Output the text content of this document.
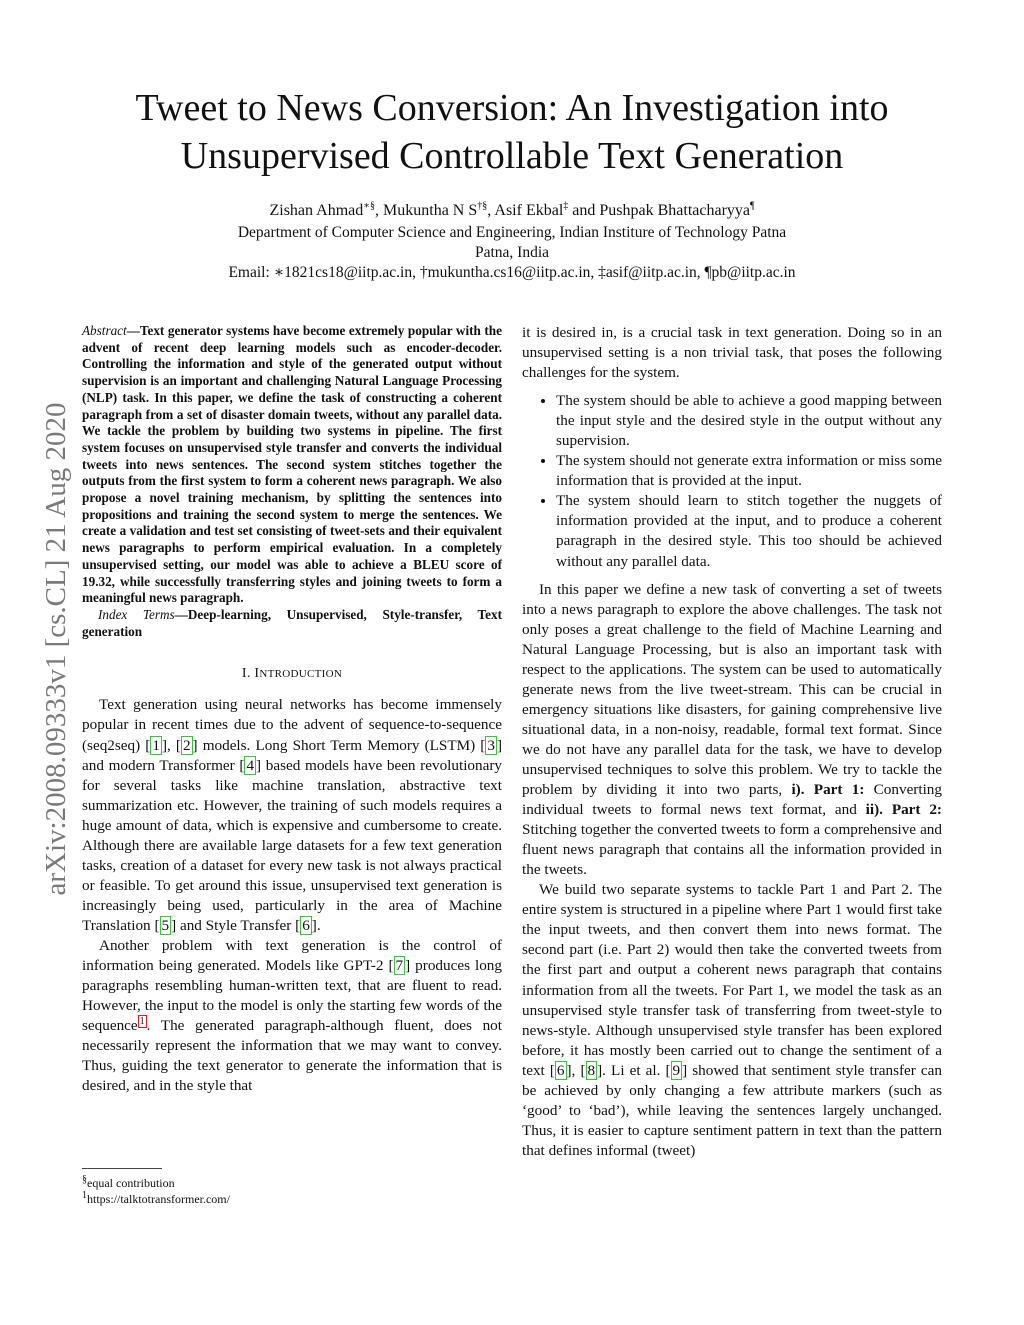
Tweet to News Conversion: An Investigation into
Unsupervised Controllable Text Generation
Zishan Ahmad∗§, Mukuntha N S†§, Asif Ekbal‡ and Pushpak Bhattacharyya¶
Department of Computer Science and Engineering, Indian Institure of Technology Patna
Patna, India
Email: ∗1821cs18@iitp.ac.in, †mukuntha.cs16@iitp.ac.in, ‡asif@iitp.ac.in, ¶pb@iitp.ac.in
arXiv:2008.09333v1 [cs.CL] 21 Aug 2020

Abstract—Text generator systems have become extremely popular with the advent of recent deep learning models such as encoder-decoder. Controlling the information and style of the generated output without supervision is an important and challenging Natural Language Processing (NLP) task. In this paper, we define the task of constructing a coherent paragraph from a set of disaster domain tweets, without any parallel data. We tackle the problem by building two systems in pipeline. The first system focuses on unsupervised style transfer and converts the individual tweets into news sentences. The second system stitches together the outputs from the first system to form a coherent news paragraph. We also propose a novel training mechanism, by splitting the sentences into propositions and training the second system to merge the sentences. We create a validation and test set consisting of tweet-sets and their equivalent news paragraphs to perform empirical evaluation. In a completely unsupervised setting, our model was able to achieve a BLEU score of 19.32, while successfully transferring styles and joining tweets to form a meaningful news paragraph.

Index Terms—Deep-learning, Unsupervised, Style-transfer, Text generation

I. INTRODUCTION

Text generation using neural networks has become immensely popular in recent times due to the advent of sequence-to-sequence (seq2seq) [ 1 ], [ 2 ] models. Long Short Term Memory (LSTM) [ 3 ] and modern Transformer [ 4 ] based models have been revolutionary for several tasks like machine translation, abstractive text summarization etc. However, the training of such models requires a huge amount of data, which is expensive and cumbersome to create. Although there are available large datasets for a few text generation tasks, creation of a dataset for every new task is not always practical or feasible. To get around this issue, unsupervised text generation is increasingly being used, particularly in the area of Machine Translation [ 5 ] and Style Transfer [ 6 ].

Another problem with text generation is the control of information being generated. Models like GPT-2 [ 7 ] produces long paragraphs resembling human-written text, that are fluent to read. However, the input to the model is only the starting few words of the sequence $^1$ . The generated paragraph-although fluent, does not necessarily represent the information that we may want to convey. Thus, guiding the text generator to generate the information that is desired, and in the style that

§equal contribution
$^1$https://talktotransformer.com/

it is desired in, is a crucial task in text generation. Doing so in an unsupervised setting is a non trivial task, that poses the following challenges for the system.

• The system should be able to achieve a good mapping between the input style and the desired style in the output without any supervision.
• The system should not generate extra information or miss some information that is provided at the input.
• The system should learn to stitch together the nuggets of information provided at the input, and to produce a coherent paragraph in the desired style. This too should be achieved without any parallel data.

In this paper we define a new task of converting a set of tweets into a news paragraph to explore the above challenges. The task not only poses a great challenge to the field of Machine Learning and Natural Language Processing, but is also an important task with respect to the applications. The system can be used to automatically generate news from the live tweet-stream. This can be crucial in emergency situations like disasters, for gaining comprehensive live situational data, in a non-noisy, readable, formal text format. Since we do not have any parallel data for the task, we have to develop unsupervised techniques to solve this problem. We try to tackle the problem by dividing it into two parts, i). Part 1: Converting individual tweets to formal news text format, and ii). Part 2: Stitching together the converted tweets to form a comprehensive and fluent news paragraph that contains all the information provided in the tweets.

We build two separate systems to tackle Part 1 and Part 2. The entire system is structured in a pipeline where Part 1 would first take the input tweets, and then convert them into news format. The second part (i.e. Part 2) would then take the converted tweets from the first part and output a coherent news paragraph that contains information from all the tweets. For Part 1, we model the task as an unsupervised style transfer task of transferring from tweet-style to news-style. Although unsupervised style transfer has been explored before, it has mostly been carried out to change the sentiment of a text [ 6 ], [ 8 ]. Li et al. [ 9 ] showed that sentiment style transfer can be achieved by only changing a few attribute markers (such as ‘good’ to ‘bad’), while leaving the sentences largely unchanged. Thus, it is easier to capture sentiment pattern in text than the pattern that defines informal (tweet)
